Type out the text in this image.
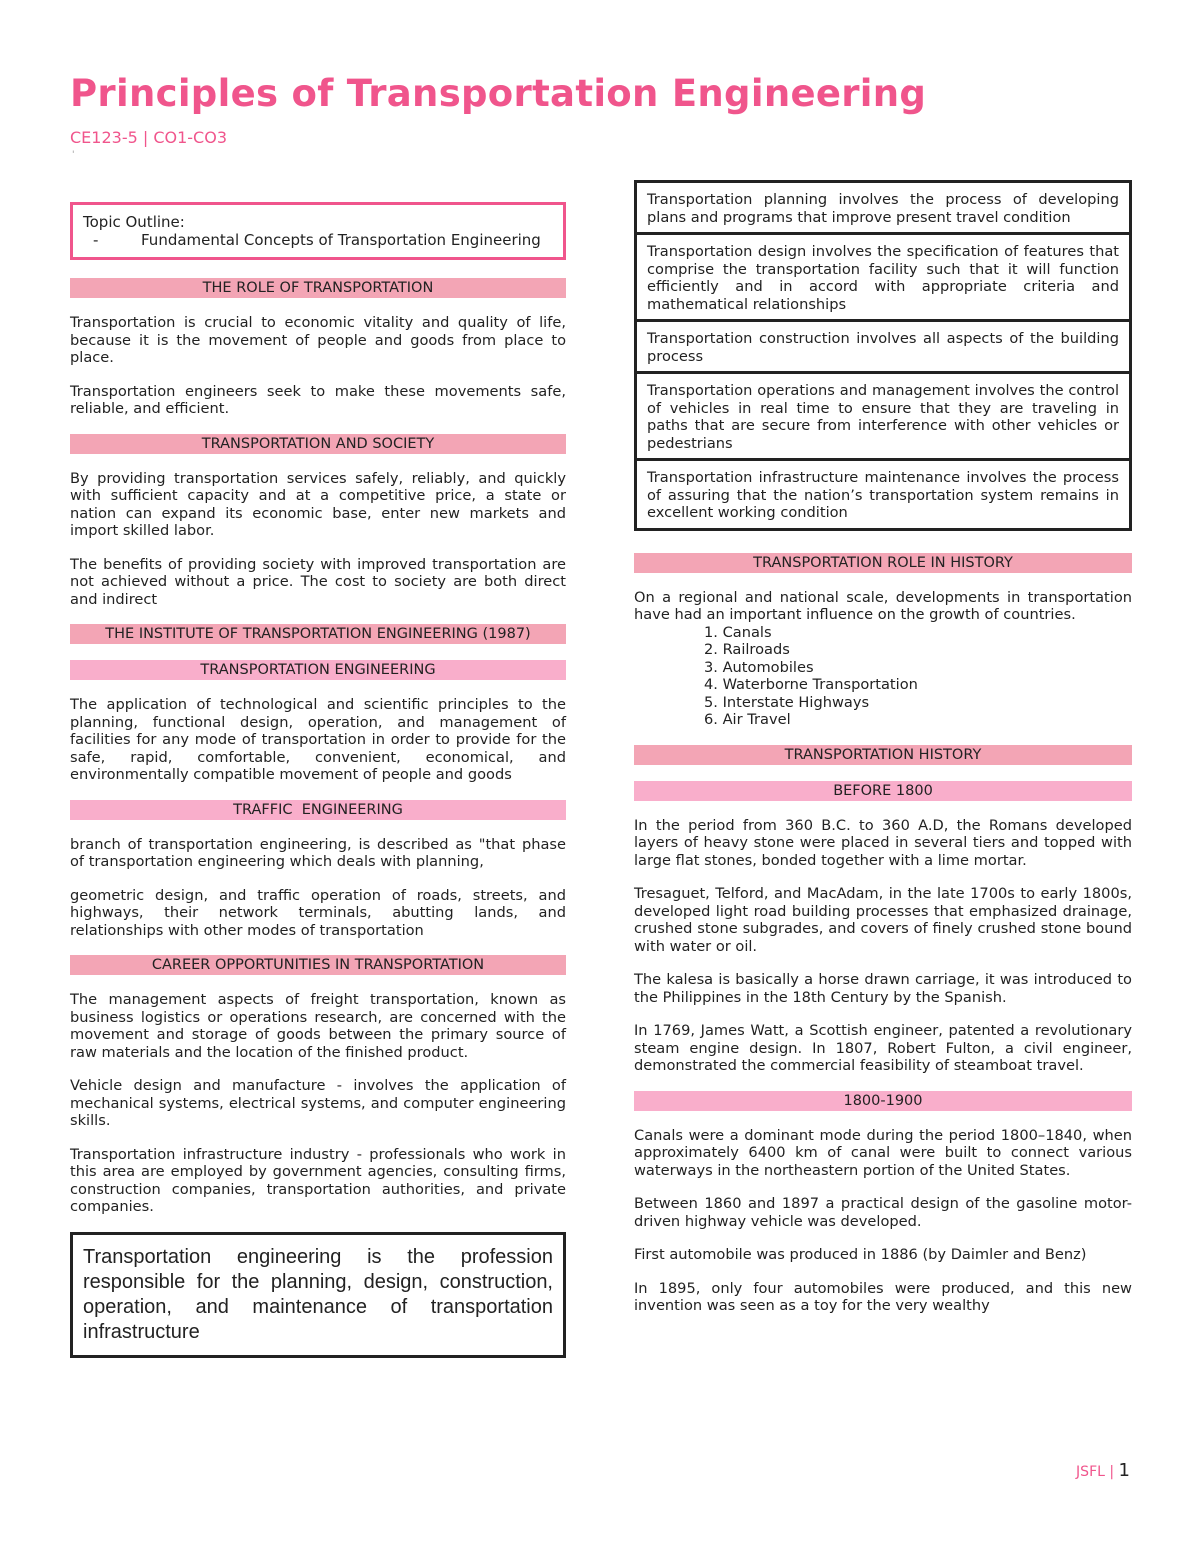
Principles of Transportation Engineering
CE123-5 | CO1-CO3
'
Topic Outline:
-	Fundamental Concepts of Transportation Engineering
THE ROLE OF TRANSPORTATION

Transportation is crucial to economic vitality and quality of life, because it is the movement of people and goods from place to place.

Transportation engineers seek to make these movements safe, reliable, and efficient.

TRANSPORTATION AND SOCIETY

By providing transportation services safely, reliably, and quickly with sufficient capacity and at a competitive price, a state or nation can expand its economic base, enter new markets and import skilled labor.

The benefits of providing society with improved transportation are not achieved without a price. The cost to society are both direct and indirect

THE INSTITUTE OF TRANSPORTATION ENGINEERING (1987)
TRANSPORTATION ENGINEERING

The application of technological and scientific principles to the planning, functional design, operation, and management of facilities for any mode of transportation in order to provide for the safe, rapid, comfortable, convenient, economical, and environmentally compatible movement of people and goods

TRAFFIC  ENGINEERING

branch of transportation engineering, is described as "that phase of transportation engineering which deals with planning,

geometric design, and traffic operation of roads, streets, and highways, their network terminals, abutting lands, and relationships with other modes of transportation

CAREER OPPORTUNITIES IN TRANSPORTATION

The management aspects of freight transportation, known as business logistics or operations research, are concerned with the movement and storage of goods between the primary source of raw materials and the location of the finished product.

Vehicle design and manufacture - involves the application of mechanical systems, electrical systems, and computer engineering skills.

Transportation infrastructure industry - professionals who work in this area are employed by government agencies, consulting firms, construction companies, transportation authorities, and private companies.

Transportation engineering is the profession responsible for the planning, design, construction, operation, and maintenance of transportation infrastructure
Transportation planning involves the process of developing plans and programs that improve present travel condition
Transportation design involves the specification of features that comprise the transportation facility such that it will function efficiently and in accord with appropriate criteria and mathematical relationships
Transportation construction involves all aspects of the building process
Transportation operations and management involves the control of vehicles in real time to ensure that they are traveling in paths that are secure from interference with other vehicles or pedestrians
Transportation infrastructure maintenance involves the process of assuring that the nation’s transportation system remains in excellent working condition
TRANSPORTATION ROLE IN HISTORY

On a regional and national scale, developments in transportation have had an important influence on the growth of countries.

1. Canals
2. Railroads
3. Automobiles
4. Waterborne Transportation
5. Interstate Highways
6. Air Travel
TRANSPORTATION HISTORY
BEFORE 1800

In the period from 360 B.C. to 360 A.D, the Romans developed layers of heavy stone were placed in several tiers and topped with large flat stones, bonded together with a lime mortar.

Tresaguet, Telford, and MacAdam, in the late 1700s to early 1800s, developed light road building processes that emphasized drainage, crushed stone subgrades, and covers of finely crushed stone bound with water or oil.

The kalesa is basically a horse drawn carriage, it was introduced to the Philippines in the 18th Century by the Spanish.

In 1769, James Watt, a Scottish engineer, patented a revolutionary steam engine design. In 1807, Robert Fulton, a civil engineer, demonstrated the commercial feasibility of steamboat travel.

1800-1900

Canals were a dominant mode during the period 1800–1840, when approximately 6400 km of canal were built to connect various waterways in the northeastern portion of the United States.

Between 1860 and 1897 a practical design of the gasoline motor-driven highway vehicle was developed.

First automobile was produced in 1886 (by Daimler and Benz)

In 1895, only four automobiles were produced, and this new invention was seen as a toy for the very wealthy

JSFL | 1
